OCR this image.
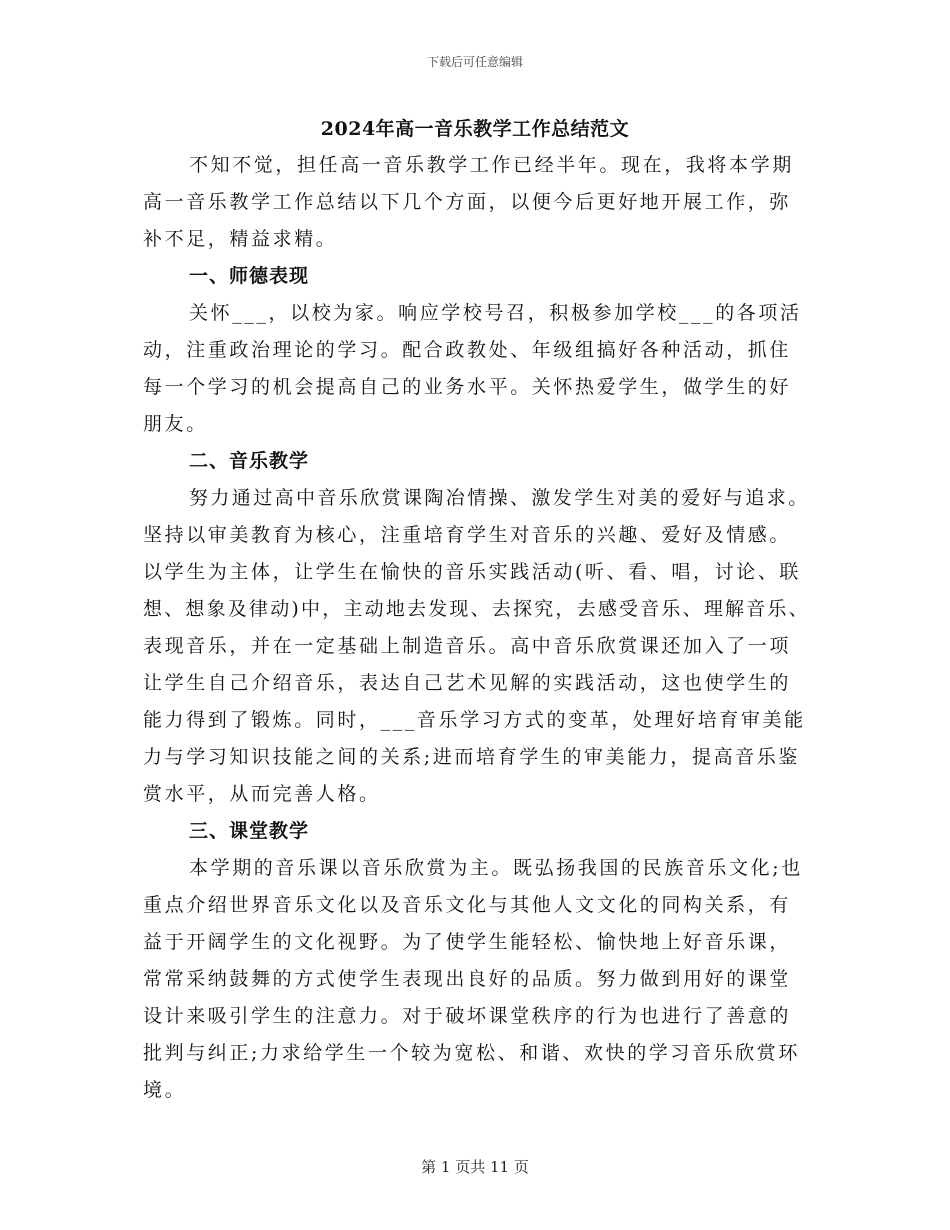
下载后可任意编辑
2024年高一音乐教学工作总结范文
不知不觉，担任高一音乐教学工作已经半年。现在，我将本学期
高一音乐教学工作总结以下几个方面，以便今后更好地开展工作，弥
补不足，精益求精。
一、师德表现
关怀___，以校为家。响应学校号召，积极参加学校___的各项活
动，注重政治理论的学习。配合政教处、年级组搞好各种活动，抓住
每一个学习的机会提高自己的业务水平。关怀热爱学生，做学生的好
朋友。
二、音乐教学
努力通过高中音乐欣赏课陶冶情操、激发学生对美的爱好与追求。
坚持以审美教育为核心，注重培育学生对音乐的兴趣、爱好及情感。
以学生为主体，让学生在愉快的音乐实践活动(听、看、唱，讨论、联
想、想象及律动)中，主动地去发现、去探究，去感受音乐、理解音乐、
表现音乐，并在一定基础上制造音乐。高中音乐欣赏课还加入了一项
让学生自己介绍音乐，表达自己艺术见解的实践活动，这也使学生的
能力得到了锻炼。同时，___音乐学习方式的变革，处理好培育审美能
力与学习知识技能之间的关系;进而培育学生的审美能力，提高音乐鉴
赏水平，从而完善人格。
三、课堂教学
本学期的音乐课以音乐欣赏为主。既弘扬我国的民族音乐文化;也
重点介绍世界音乐文化以及音乐文化与其他人文文化的同构关系，有
益于开阔学生的文化视野。为了使学生能轻松、愉快地上好音乐课，
常常采纳鼓舞的方式使学生表现出良好的品质。努力做到用好的课堂
设计来吸引学生的注意力。对于破坏课堂秩序的行为也进行了善意的
批判与纠正;力求给学生一个较为宽松、和谐、欢快的学习音乐欣赏环
境。
第 1 页共 11 页
